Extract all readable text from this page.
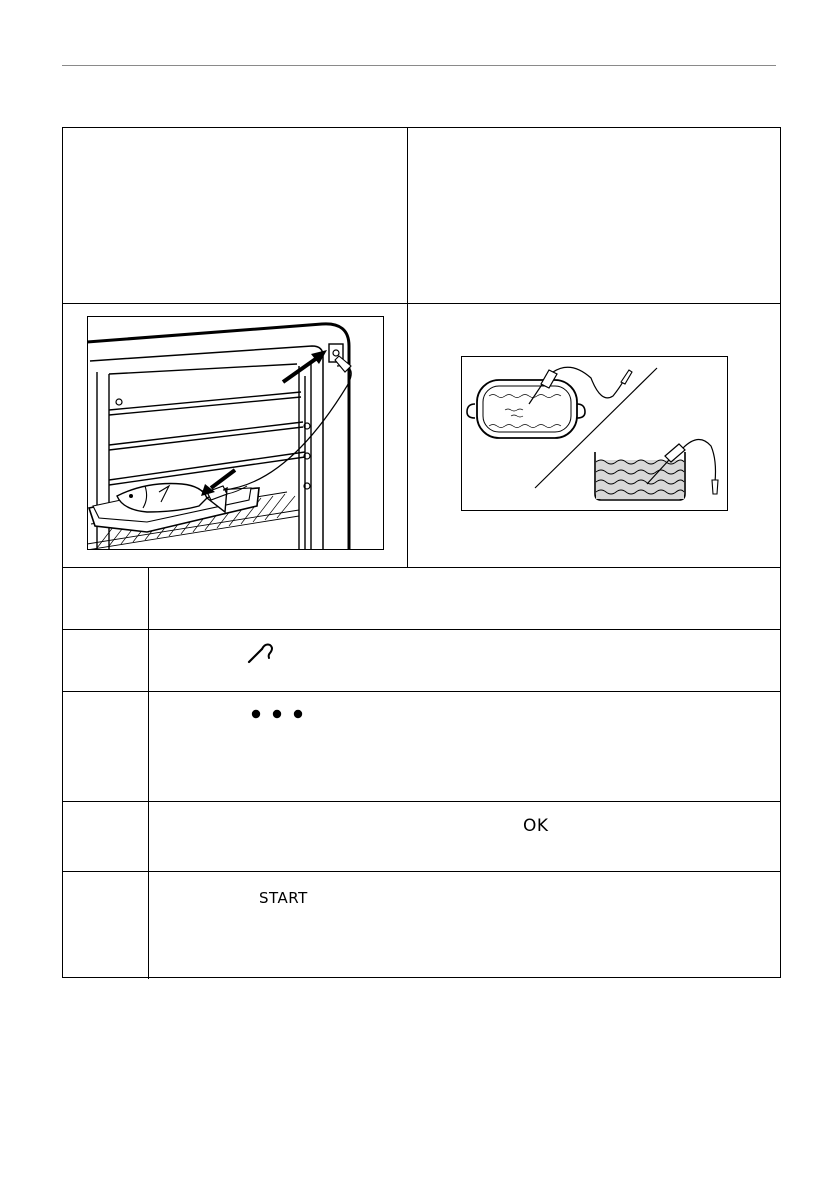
OK
START
